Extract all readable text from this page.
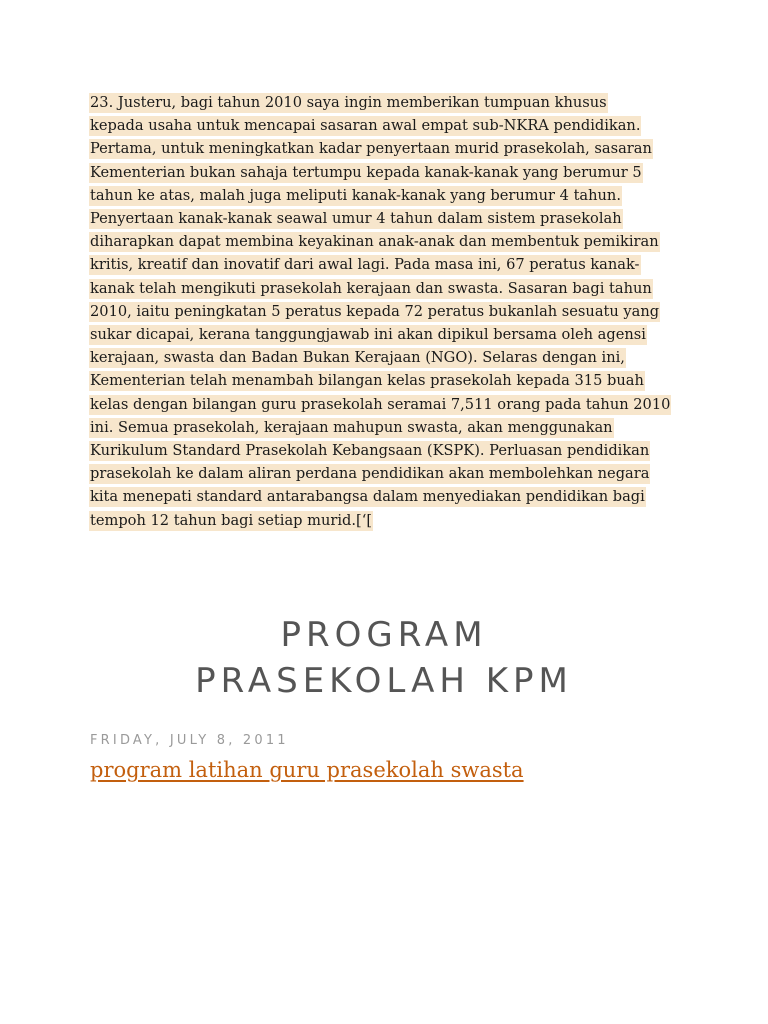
23. Justeru, bagi tahun 2010 saya ingin memberikan tumpuan khusus
kepada usaha untuk mencapai sasaran awal empat sub-NKRA pendidikan.
Pertama, untuk meningkatkan kadar penyertaan murid prasekolah, sasaran
Kementerian bukan sahaja tertumpu kepada kanak-kanak yang berumur 5
tahun ke atas, malah juga meliputi kanak-kanak yang berumur 4 tahun.
Penyertaan kanak-kanak seawal umur 4 tahun dalam sistem prasekolah
diharapkan dapat membina keyakinan anak-anak dan membentuk pemikiran
kritis, kreatif dan inovatif dari awal lagi. Pada masa ini, 67 peratus kanak-
kanak telah mengikuti prasekolah kerajaan dan swasta. Sasaran bagi tahun
2010, iaitu peningkatan 5 peratus kepada 72 peratus bukanlah sesuatu yang
sukar dicapai, kerana tanggungjawab ini akan dipikul bersama oleh agensi
kerajaan, swasta dan Badan Bukan Kerajaan (NGO). Selaras dengan ini,
Kementerian telah menambah bilangan kelas prasekolah kepada 315 buah
kelas dengan bilangan guru prasekolah seramai 7,511 orang pada tahun 2010
ini. Semua prasekolah, kerajaan mahupun swasta, akan menggunakan
Kurikulum Standard Prasekolah Kebangsaan (KSPK). Perluasan pendidikan
prasekolah ke dalam aliran perdana pendidikan akan membolehkan negara
kita menepati standard antarabangsa dalam menyediakan pendidikan bagi
tempoh 12 tahun bagi setiap murid.[‘[
PROGRAM
PRASEKOLAH KPM
FRIDAY, JULY 8, 2011
program latihan guru prasekolah swasta
